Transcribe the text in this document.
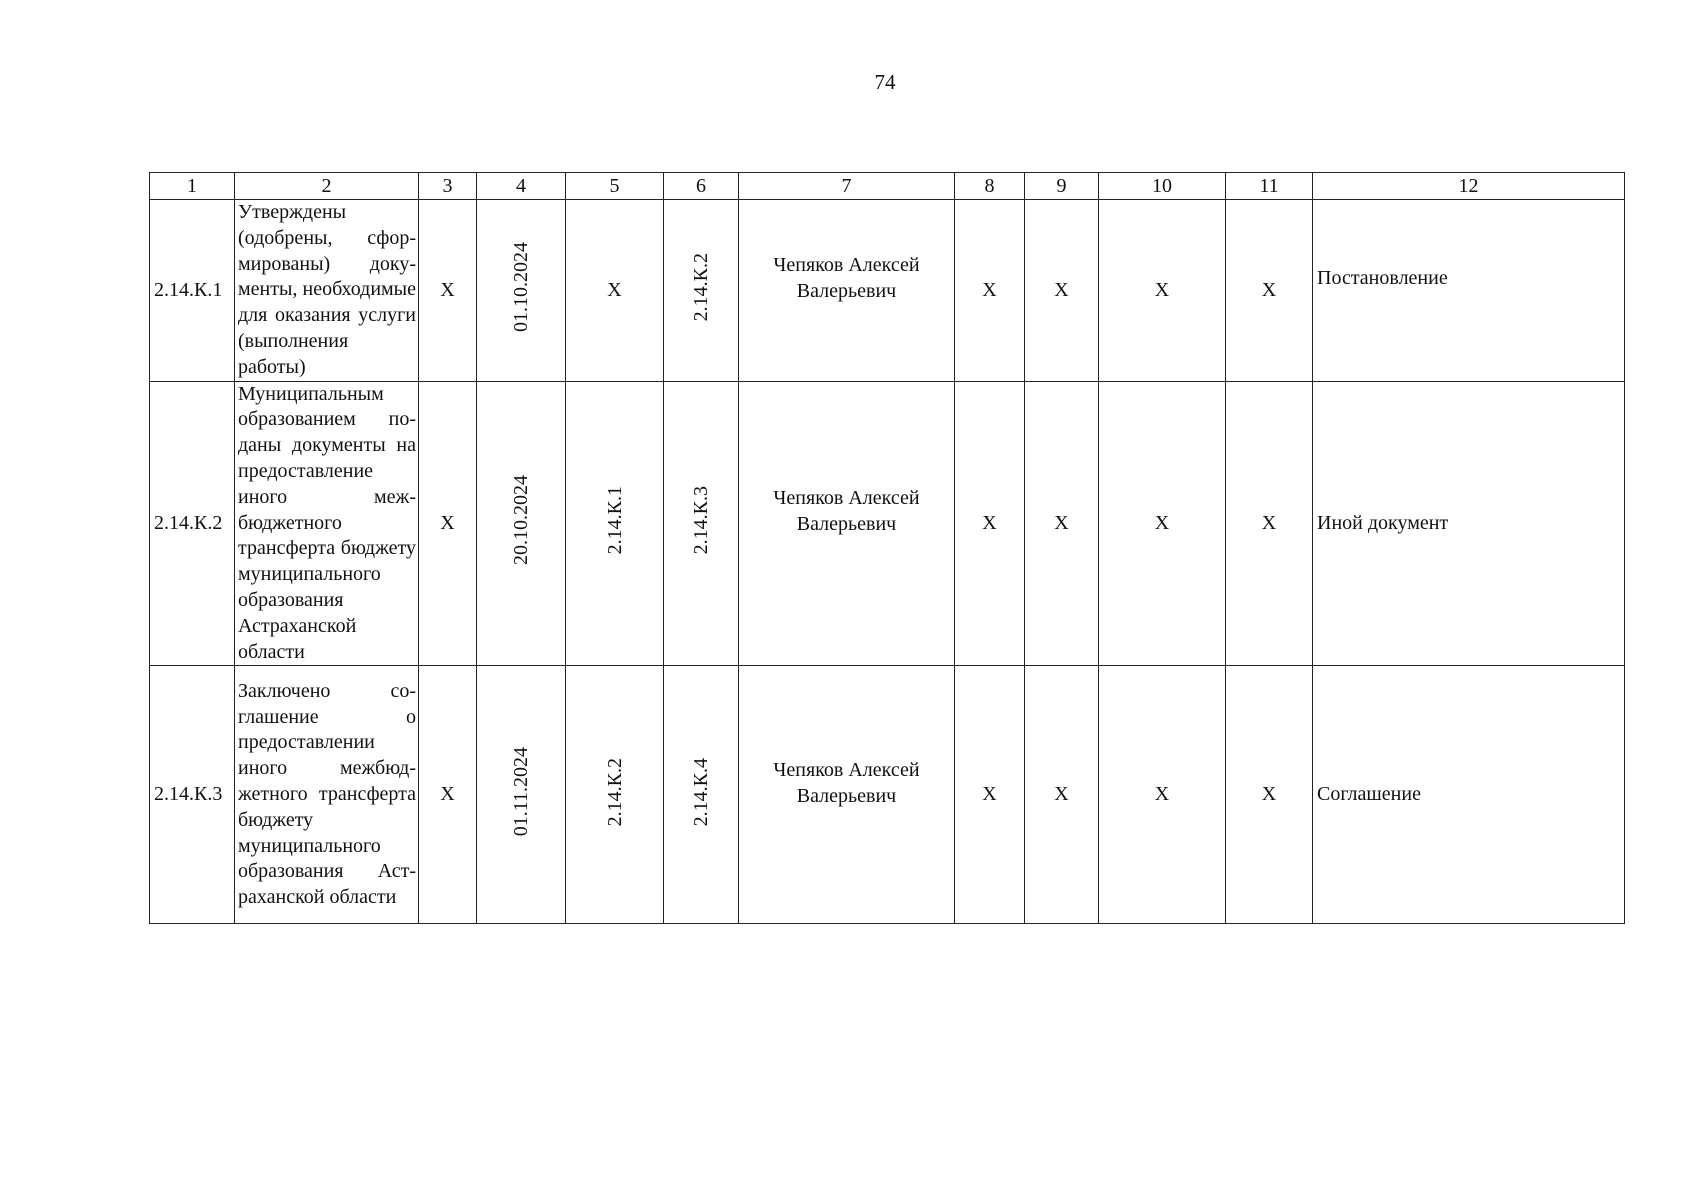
74
1	2	3	4	5	6	7	8	9	10	11	12
2.14.К.1	Утверждены (одобрены, сформированы) документы, необходимые для оказания услуги (выполнения работы)	X	01.10.2024	X	2.14.К.2	Чепяков Алексей Валерьевич	X	X	X	X	Постановление
2.14.К.2	Муниципальным образованием поданы документы на предоставление иного межбюджетного трансферта бюджету муниципального образования Астраханской области	X	20.10.2024	2.14.К.1	2.14.К.3	Чепяков Алексей Валерьевич	X	X	X	X	Иной документ
2.14.К.3	Заключено соглашение о предоставлении иного межбюджетного трансферта бюджету муниципального образования Астраханской области	X	01.11.2024	2.14.К.2	2.14.К.4	Чепяков Алексей Валерьевич	X	X	X	X	Соглашение
